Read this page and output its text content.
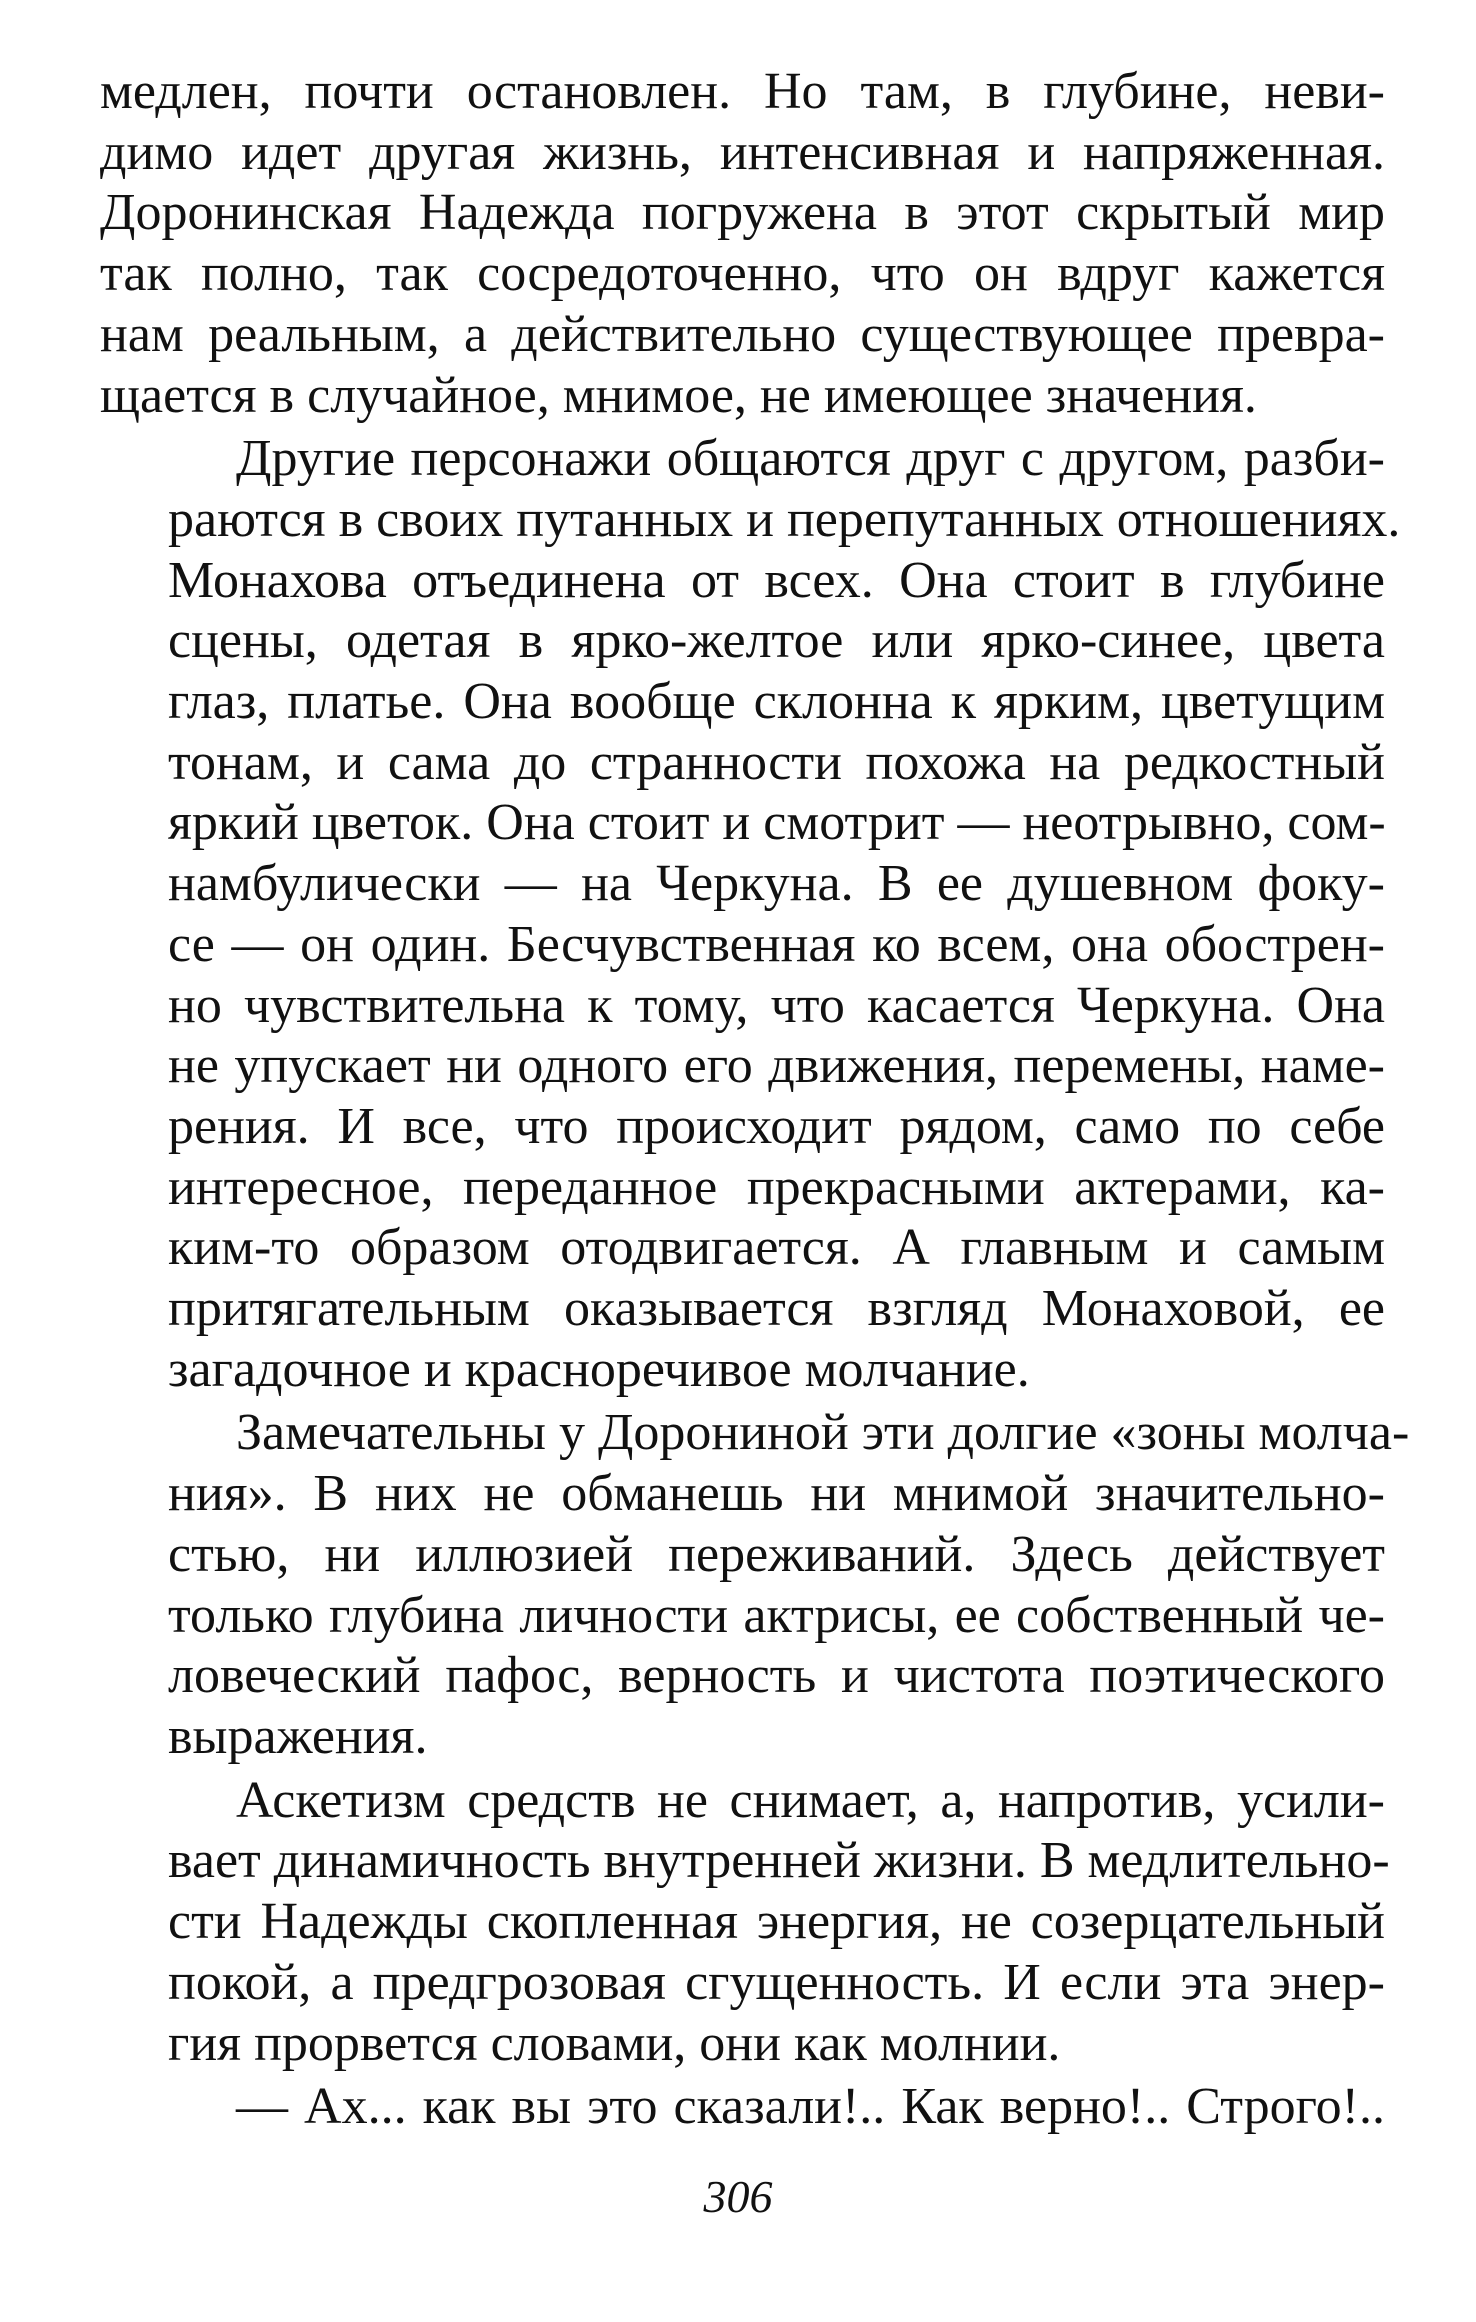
медлен, почти остановлен. Но там, в глубине, неви-
димо идет другая жизнь, интенсивная и напряженная.
Доронинская Надежда погружена в этот скрытый мир
так полно, так сосредоточенно, что он вдруг кажется
нам реальным, а действительно существующее превра-
щается в случайное, мнимое, не имеющее значения.
Другие персонажи общаются друг с другом, разби-
раются в своих путанных и перепутанных отношениях.
Монахова отъединена от всех. Она стоит в глубине
сцены, одетая в ярко-желтое или ярко-синее, цвета
глаз, платье. Она вообще склонна к ярким, цветущим
тонам, и сама до странности похожа на редкостный
яркий цветок. Она стоит и смотрит — неотрывно, сом-
намбулически — на Черкуна. В ее душевном фоку-
се — он один. Бесчувственная ко всем, она обострен-
но чувствительна к тому, что касается Черкуна. Она
не упускает ни одного его движения, перемены, наме-
рения. И все, что происходит рядом, само по себе
интересное, переданное прекрасными актерами, ка-
ким-то образом отодвигается. А главным и самым
притягательным оказывается взгляд Монаховой, ее
загадочное и красноречивое молчание.
Замечательны у Дорониной эти долгие «зоны молча-
ния». В них не обманешь ни мнимой значительно-
стью, ни иллюзией переживаний. Здесь действует
только глубина личности актрисы, ее собственный че-
ловеческий пафос, верность и чистота поэтического
выражения.
Аскетизм средств не снимает, а, напротив, усили-
вает динамичность внутренней жизни. В медлительно-
сти Надежды скопленная энергия, не созерцательный
покой, а предгрозовая сгущенность. И если эта энер-
гия прорвется словами, они как молнии.
— Ах... как вы это сказали!.. Как верно!.. Строго!..
306
